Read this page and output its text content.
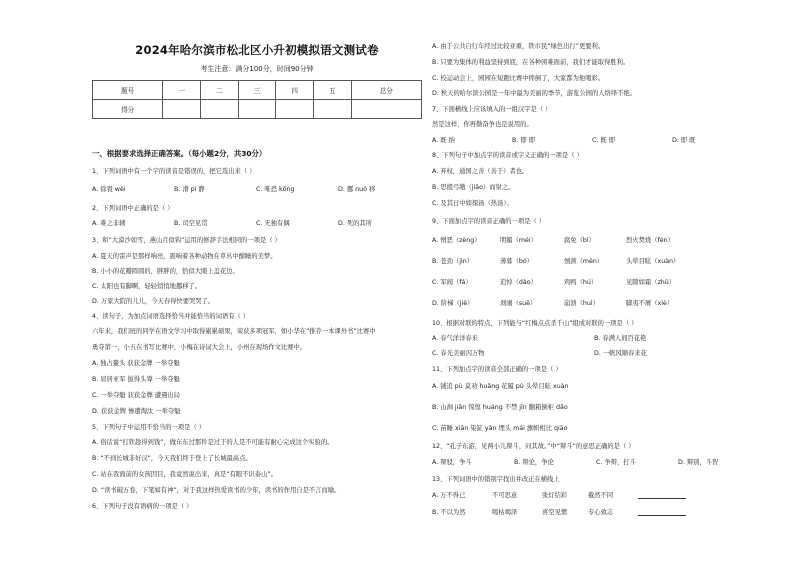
2024年哈尔滨市松北区小升初模拟语文测试卷
考生注意：满分100分，时间90分钟
题号	一	二	三	四	五	总分
得分						
一、根据要求选择正确答案。（每小题2分，共30分）
1、下列词语中有一个字的读音是错误的，把它选出来（ ）
A. 徐畏 wèi	B. 滑 pì 静	C. 唯恐 kōng	D. 挪 nuó 移
2、下列词语中正确的是（ ）
A. 难之非辅	B. 司空见贯	C. 无独有偶	D. 死的其所
3、和“大漠沙如雪，燕山月似钩”运用的修辞手法相同的一项是（ ）
A. 夏天的雷声是那样响亮，震响着各种动物在草丛中酣睡的美梦。
B. 小小的花瓣圆圆的，胖胖的，恰似大眼上盖花边。
C. 太阳也有脚啊，轻轻悄悄地挪移了。
D. 万家大院的儿儿，今天春得快要哭哭了。
4、读句子，为加点词语选择恰当并能恰当的词语有（ ）
六年来，我们班的同学在语文学习中取得累累硕果，荣获多项冠军，如小华在“推荐一本课外书”比赛中
勇夺第一，小五在书写比赛中，小梅在诗词大会上，小州在现场作文比赛中。
A. 独占鳌头 获获金牌 一举夺魁
B. 屈居亚军 拔得头筹 一举夺魁
C. 一举夺魁 获获金牌 遭遇出局
D. 获获金牌 惨遭淘汰 一举夺魁
5、下列句子中运用不恰当的一项是（ ）
A. 俗话说“打铁趁得到钱”，做东东过那件是过于的人是不可能有耐心完成这个实验的。
B. “不到长城非好汉”，今天我们终于登上了长城最高点。
C. 站在我面前的女孩因目，我竟然说出来，真是“有眼不识泰山”。
D. “读书破万卷，下笔如有神”，对于我这样热爱读书的少年，读书的作用自是不言而喻。
6、下列句子没有语病的一项是（ ）
A. 由于公共自行车经过比较亚重，铁市民“绿色出行”更要利。
B. 只要为集体的利益坚持到底，在各种困难面前，我们才能取得胜利。
C. 校运动会上，园园在短跑比赛中摔倒了，大家都为他喝彩。
D. 秋天的哈尔滨公园是一年中最为美丽的季节，游览公园的人络绎不绝。
7、下面横线上应该填入的一组汉字是（ ）
然是这样，你再勤奋争也是说用的。
A. 既 纳	B. 即 即	C. 既 即	D. 即 既
8、下列句子中加点字的读音或字义正确的一项是（ ）
A. 弃权，通国之善（善于）者也。
B. 思援弓缴（jiǎo）而射之。
C. 及其日中如探汤（热汤）。
9、下面加点字的读音正确的一项是（ ）
A. 憎恶（zèng）	明媚（méi）	腐免（bì）	烈火焚烧（fén）
B. 苍劲（jìn）	薄暮（bó）	刎颈（mèn）	头晕目眩（xuàn）
C. 军阀（fá）	追悼（dào）	鸡鸭（hú）	见隙如霜（zhǔ）
D. 阶梯（jiē）	刹闹（suě）	崩溃（huì）	脚夷不屑（xiè）
10、根据对联的特点，下列能与“红梅点点杀千山”组成对联的一项是（ ）
A. 春气洋洋春来	B. 春满人间百花艳
C. 春光美丽闪万物	D. 一帆风顺春来花
11、下列加点字的读音全部正确的一项是（ ）
A. 铺追 pù 莫劝 huǎng 花履 pù 头晕目眩 xuàn
B. 山涧 jiān 惊惶 huáng 不禁 jīn 翻箱倒柜 dǎo
C. 苗睡 xiān 染缸 yǎn 埋头 mái 旗帜相比 qiāo
12、“孔子东游，见两小儿辩斗，问其故。”中“辩斗”的意思正确的是（ ）
A. 辩驳，争斗	B. 辩论，争论	C. 争辩，打斗	D. 辩别，斗智
13、下列词语中的错别字找出并改正在横线上
A. 万不得已	不可思意	张灯结彩	截然不同
B. 不以为然	喝枯竭泽	喜空见惯	专心致志
